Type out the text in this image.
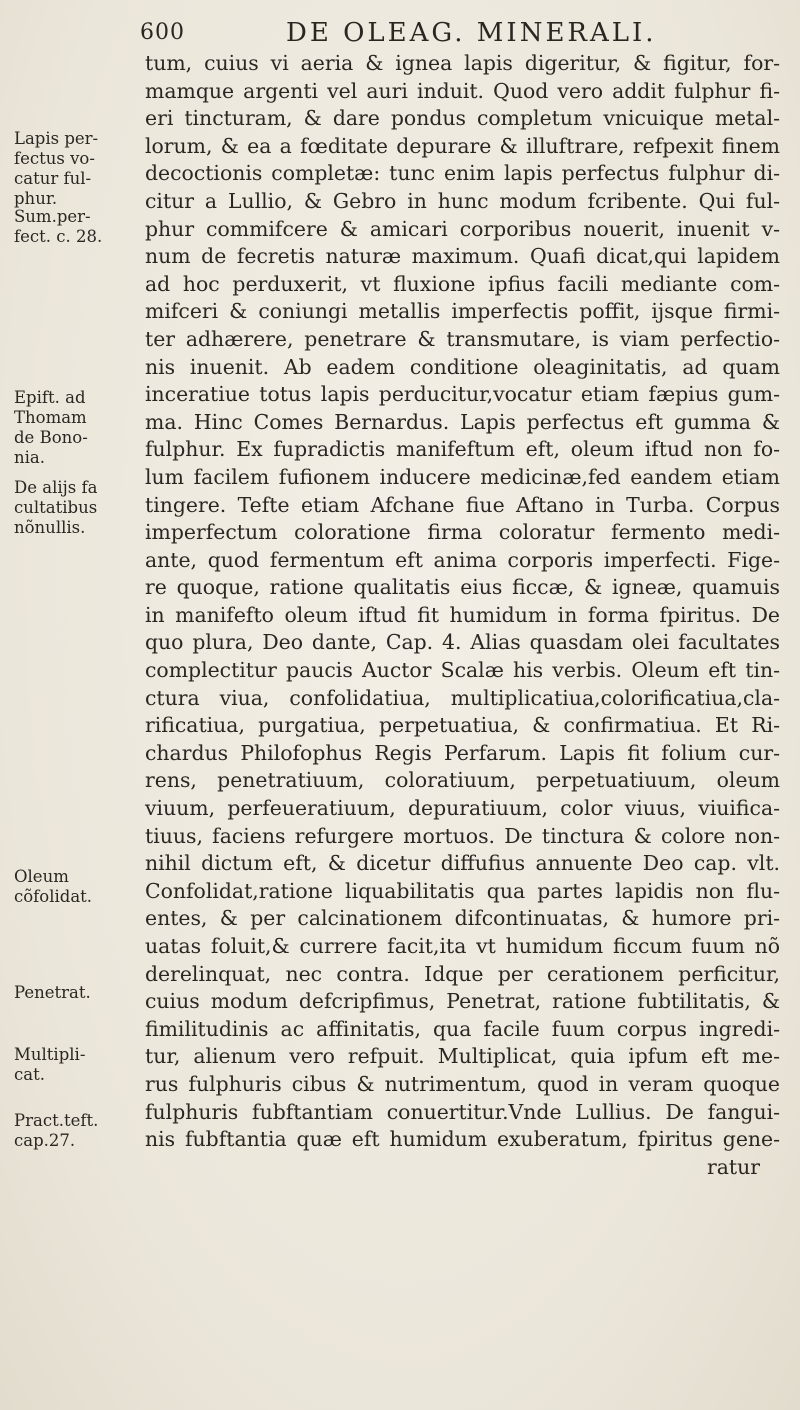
600	DE OLEAG. MINERALI.
tum, cuius vi aeria & ignea lapis digeritur, & figitur, for-
mamque argenti vel auri induit. Quod vero addit fulphur fi-
eri tincturam, & dare pondus completum vnicuique metal-
lorum, & ea a fœditate depurare & illuftrare, refpexit finem
decoctionis completæ: tunc enim lapis perfectus fulphur di-
citur a Lullio, & Gebro in hunc modum fcribente. Qui ful-
phur commifcere & amicari corporibus nouerit, inuenit v-
num de fecretis naturæ maximum. Quafi dicat,qui lapidem
ad hoc perduxerit, vt fluxione ipfius facili mediante com-
mifceri & coniungi metallis imperfectis poffit, ijsque firmi-
ter adhærere, penetrare & transmutare, is viam perfectio-
nis inuenit. Ab eadem conditione oleaginitatis, ad quam
inceratiue totus lapis perducitur,vocatur etiam fæpius gum-
ma. Hinc Comes Bernardus. Lapis perfectus eft gumma &
fulphur. Ex fupradictis manifeftum eft, oleum iftud non fo-
lum facilem fufionem inducere medicinæ,fed eandem etiam
tingere. Tefte etiam Afchane fiue Aftano in Turba. Corpus
imperfectum coloratione firma coloratur fermento medi-
ante, quod fermentum eft anima corporis imperfecti. Fige-
re quoque, ratione qualitatis eius ficcæ, & igneæ, quamuis
in manifefto oleum iftud fit humidum in forma fpiritus. De
quo plura, Deo dante, Cap. 4. Alias quasdam olei facultates
complectitur paucis Auctor Scalæ his verbis. Oleum eft tin-
ctura viua, confolidatiua, multiplicatiua,colorificatiua,cla-
rificatiua, purgatiua, perpetuatiua, & confirmatiua. Et Ri-
chardus Philofophus Regis Perfarum. Lapis fit folium cur-
rens, penetratiuum, coloratiuum, perpetuatiuum, oleum
viuum, perfeueratiuum, depuratiuum, color viuus, viuifica-
tiuus, faciens refurgere mortuos. De tinctura & colore non-
nihil dictum eft, & dicetur diffufius annuente Deo cap. vlt.
Confolidat,ratione liquabilitatis qua partes lapidis non flu-
entes, & per calcinationem difcontinuatas, & humore pri-
uatas foluit,& currere facit,ita vt humidum ficcum fuum nõ
derelinquat, nec contra. Idque per cerationem perficitur,
cuius modum defcripfimus, Penetrat, ratione fubtilitatis, &
fimilitudinis ac affinitatis, qua facile fuum corpus ingredi-
tur, alienum vero refpuit. Multiplicat, quia ipfum eft me-
rus fulphuris cibus & nutrimentum, quod in veram quoque
fulphuris fubftantiam conuertitur.Vnde Lullius. De fangui-
nis fubftantia quæ eft humidum exuberatum, fpiritus gene-
ratur
Lapis per-
fectus vo-
catur ful-
phur.
Sum.per-
fect. c. 28.
Epift. ad
Thomam
de Bono-
nia.
De alijs fa
cultatibus
nõnullis.
Oleum
cõfolidat.
Penetrat.
Multipli-
cat.
Pract.teft.
cap.27.
